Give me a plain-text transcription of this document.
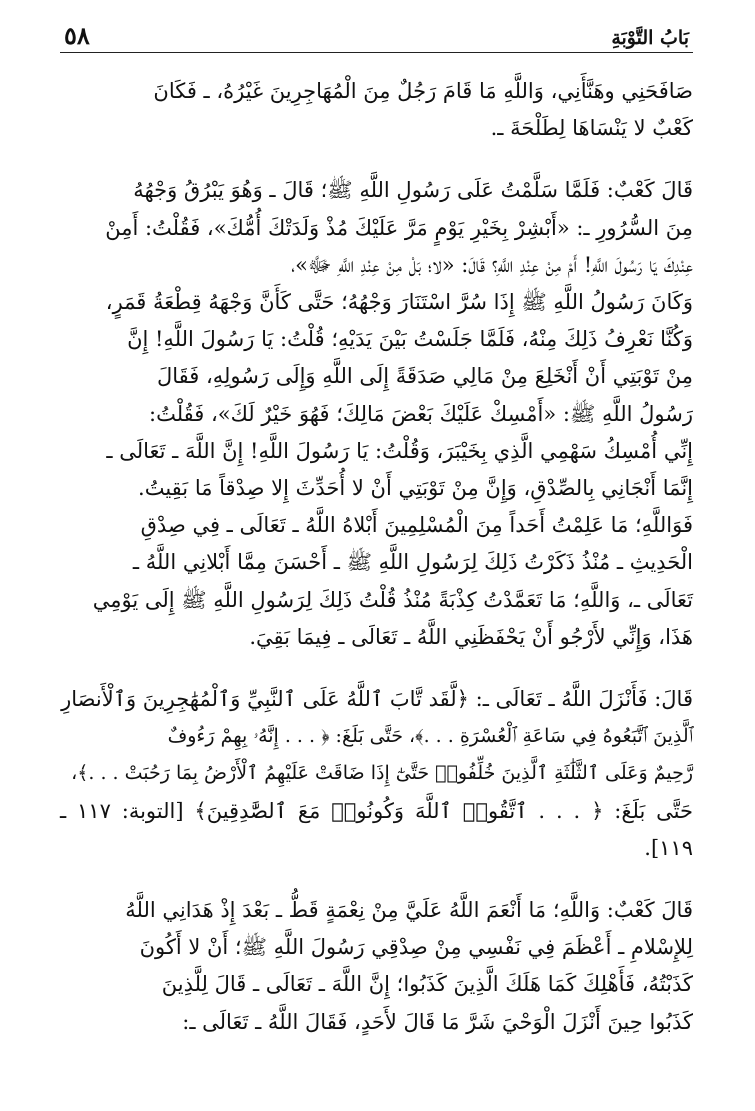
بَابُ التَّوْبَةِ
٥٨

صَافَحَنِي وهَنَّأَنِي، وَاللَّهِ مَا قَامَ رَجُلٌ مِنَ الْمُهَاجِرِينَ غَيْرُهُ، ـ فَكَانَ

كَعْبٌ لا يَنْسَاهَا لِطَلْحَةَ ـ.

قَالَ كَعْبٌ: فَلَمَّا سَلَّمْتُ عَلَى رَسُولِ اللَّهِ ﷺ؛ قَالَ ـ وَهُوَ يَبْرُقُ وَجْهُهُ

مِنَ السُّرُورِ ـ: «أَبْشِرْ بِخَيْرِ يَوْمٍ مَرَّ عَلَيْكَ مُذْ وَلَدَتْكَ أُمُّكَ»، فَقُلْتُ: أَمِنْ

عِنْدِكَ يَا رَسُولَ اللَّهِ! أَمْ مِنْ عِنْدِ اللَّهِ؟ قَالَ: «لا؛ بَلْ مِنْ عِنْدِ اللَّهِ ﷻ»،

وَكَانَ رَسُولُ اللَّهِ ﷺ إِذَا سُرَّ اسْتَنَارَ وَجْهُهُ؛ حَتَّى كَأَنَّ وَجْهَهُ قِطْعَةُ قَمَرٍ،

وَكُنَّا نَعْرِفُ ذَلِكَ مِنْهُ، فَلَمَّا جَلَسْتُ بَيْنَ يَدَيْهِ؛ قُلْتُ: يَا رَسُولَ اللَّهِ! إِنَّ

مِنْ تَوْبَتِي أَنْ أَنْخَلِعَ مِنْ مَالِي صَدَقَةً إِلَى اللَّهِ وَإِلَى رَسُولِهِ، فَقَالَ

رَسُولُ اللَّهِ ﷺ: «أَمْسِكْ عَلَيْكَ بَعْضَ مَالِكَ؛ فَهُوَ خَيْرٌ لَكَ»، فَقُلْتُ:

إِنِّي أُمْسِكُ سَهْمِي الَّذِي بِخَيْبَرَ، وَقُلْتُ: يَا رَسُولَ اللَّهِ! إِنَّ اللَّهَ ـ تَعَالَى ـ

إِنَّمَا أَنْجَانِي بِالصِّدْقِ، وَإِنَّ مِنْ تَوْبَتِي أَنْ لا أُحَدِّثَ إِلا صِدْقاً مَا بَقِيتُ.

فَوَاللَّهِ؛ مَا عَلِمْتُ أَحَداً مِنَ الْمُسْلِمِينَ أَبْلاهُ اللَّهُ ـ تَعَالَى ـ فِي صِدْقِ

الْحَدِيثِ ـ مُنْذُ ذَكَرْتُ ذَلِكَ لِرَسُولِ اللَّهِ ﷺ ـ أَحْسَنَ مِمَّا أَبْلانِي اللَّهُ ـ

تَعَالَى ـ، وَاللَّهِ؛ مَا تَعَمَّدْتُ كِذْبَةً مُنْذُ قُلْتُ ذَلِكَ لِرَسُولِ اللَّهِ ﷺ إِلَى يَوْمِي

هَذَا، وَإِنِّي لأَرْجُو أَنْ يَحْفَظَنِي اللَّهُ ـ تَعَالَى ـ فِيمَا بَقِيَ.

قَالَ: فَأَنْزَلَ اللَّهُ ـ تَعَالَى ـ: ﴿لَّقَد تَّابَ ٱللَّهُ عَلَى ٱلنَّبِيِّ وَٱلْمُهَٰجِرِينَ وَٱلْأَنصَارِ

ٱلَّذِينَ ٱتَّبَعُوهُ فِي سَاعَةِ ٱلْعُسْرَةِ . . .﴾، حَتَّى بَلَغَ: ﴿ . . . إِنَّهُۥ بِهِمْ رَءُوفٌ

رَّحِيمٌ وَعَلَى ٱلثَّلَٰثَةِ ٱلَّذِينَ خُلِّفُوا۟ حَتَّىٰٓ إِذَا ضَاقَتْ عَلَيْهِمُ ٱلْأَرْضُ بِمَا رَحُبَتْ . . .﴾،

حَتَّى بَلَغَ: ﴿ . . . ٱتَّقُوا۟ ٱللَّهَ وَكُونُوا۟ مَعَ ٱلصَّٰدِقِينَ﴾ [التوبة: ١١٧ ـ ١١٩].

قَالَ كَعْبٌ: وَاللَّهِ؛ مَا أَنْعَمَ اللَّهُ عَلَيَّ مِنْ نِعْمَةٍ قَطُّ ـ بَعْدَ إِذْ هَدَانِي اللَّهُ

لِلإِسْلامِ ـ أَعْظَمَ فِي نَفْسِي مِنْ صِدْقِي رَسُولَ اللَّهِ ﷺ؛ أَنْ لا أَكُونَ

كَذَبْتُهُ، فَأَهْلِكَ كَمَا هَلَكَ الَّذِينَ كَذَبُوا؛ إِنَّ اللَّهَ ـ تَعَالَى ـ قَالَ لِلَّذِينَ

كَذَبُوا حِينَ أَنْزَلَ الْوَحْيَ شَرَّ مَا قَالَ لأَحَدٍ، فَقَالَ اللَّهُ ـ تَعَالَى ـ:
